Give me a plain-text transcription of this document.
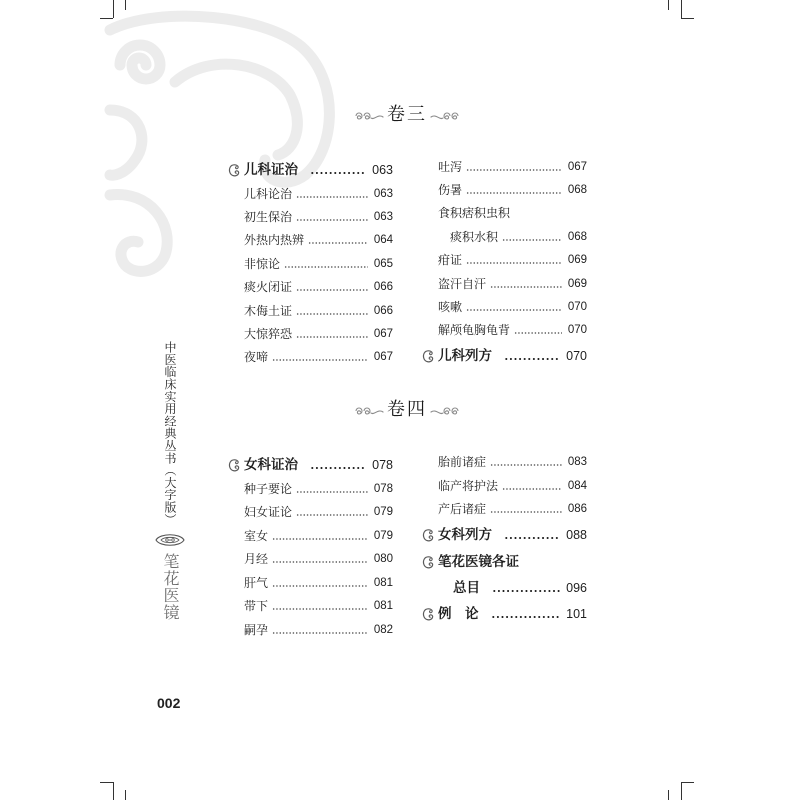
卷三
儿科证治	063
儿科论治	063
初生保治	063
外热内热辨	064
非惊论	065
痰火闭证	066
木侮土证	066
大惊猝恐	067
夜啼	067
吐泻	067
伤暑	068
食积痞积虫积
痰积水积	068
疳证	069
盗汗自汗	069
咳嗽	070
解颅龟胸龟背	070
儿科列方	070
卷四
女科证治	078
种子要论	078
妇女证论	079
室女	079
月经	080
肝气	081
带下	081
嗣孕	082
胎前诸症	083
临产将护法	084
产后诸症	086
女科列方	088
笔花医镜各证
总目	096
例　论	101
中医临床实用经典丛书（大字版）
笔花医镜
002
